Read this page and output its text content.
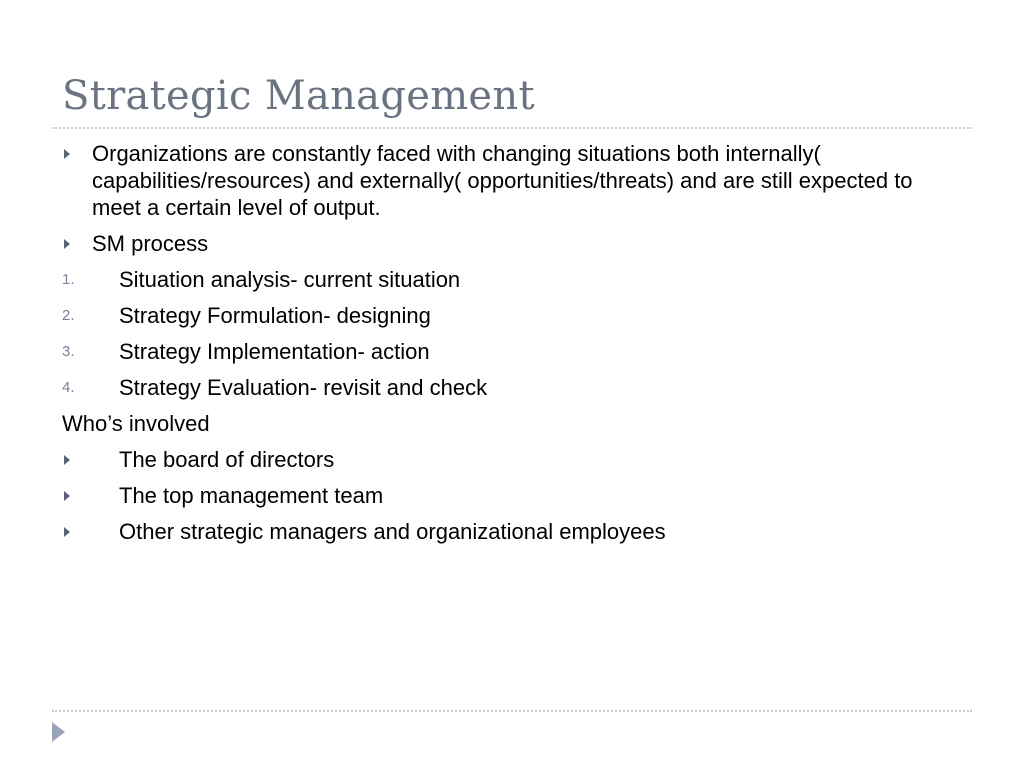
Strategic Management
Organizations are constantly faced with changing situations both internally( capabilities/resources) and externally( opportunities/threats) and are still expected to meet a certain level of output.
SM process
1. Situation analysis- current situation
2. Strategy Formulation- designing
3. Strategy Implementation- action
4. Strategy Evaluation- revisit and check
Who’s involved
The board of directors
The top management team
Other strategic managers and organizational employees
